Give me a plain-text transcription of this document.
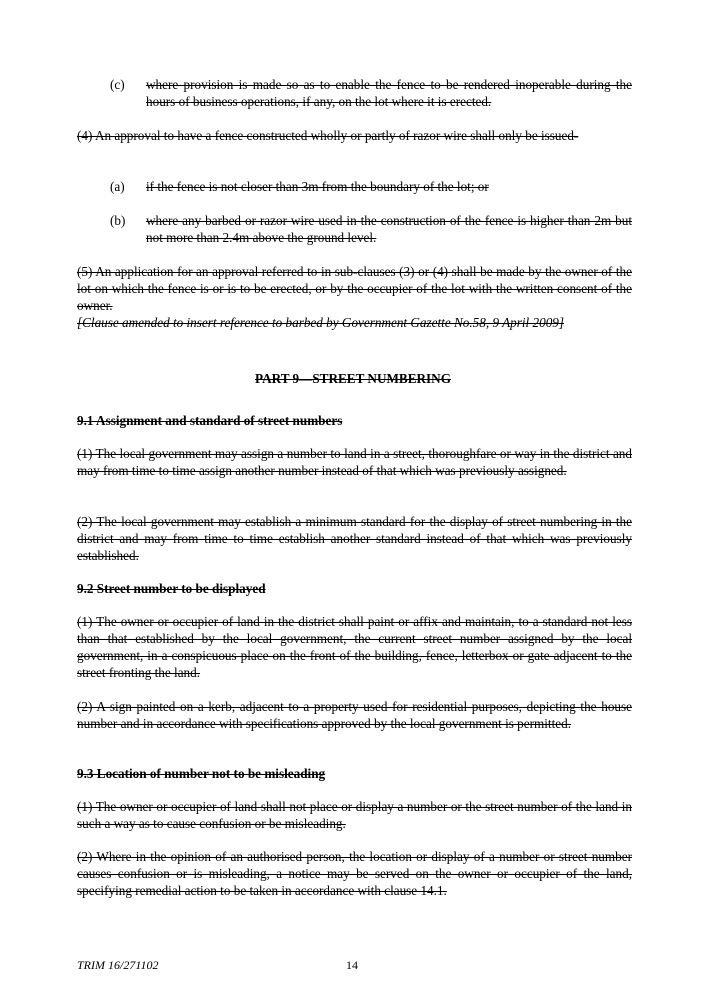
(c)	where provision is made so as to enable the fence to be rendered inoperable during the hours of business operations, if any, on the lot where it is erected.
(4) An approval to have a fence constructed wholly or partly of razor wire shall only be issued-
(a)	if the fence is not closer than 3m from the boundary of the lot; or
(b)	where any barbed or razor wire used in the construction of the fence is higher than 2m but not more than 2.4m above the ground level.
(5) An application for an approval referred to in sub-clauses (3) or (4) shall be made by the owner of the lot on which the fence is or is to be erected, or by the occupier of the lot with the written consent of the owner.
[Clause amended to insert reference to barbed by Government Gazette No.58, 9 April 2009]
PART 9—STREET NUMBERING
9.1 Assignment and standard of street numbers
(1) The local government may assign a number to land in a street, thoroughfare or way in the district and may from time to time assign another number instead of that which was previously assigned.
(2) The local government may establish a minimum standard for the display of street numbering in the district and may from time to time establish another standard instead of that which was previously established.
9.2 Street number to be displayed
(1) The owner or occupier of land in the district shall paint or affix and maintain, to a standard not less than that established by the local government, the current street number assigned by the local government, in a conspicuous place on the front of the building, fence, letterbox or gate adjacent to the street fronting the land.
(2) A sign painted on a kerb, adjacent to a property used for residential purposes, depicting the house number and in accordance with specifications approved by the local government is permitted.
9.3 Location of number not to be misleading
(1) The owner or occupier of land shall not place or display a number or the street number of the land in such a way as to cause confusion or be misleading.
(2) Where in the opinion of an authorised person, the location or display of a number or street number causes confusion or is misleading, a notice may be served on the owner or occupier of the land, specifying remedial action to be taken in accordance with clause 14.1.
TRIM 16/271102	14
